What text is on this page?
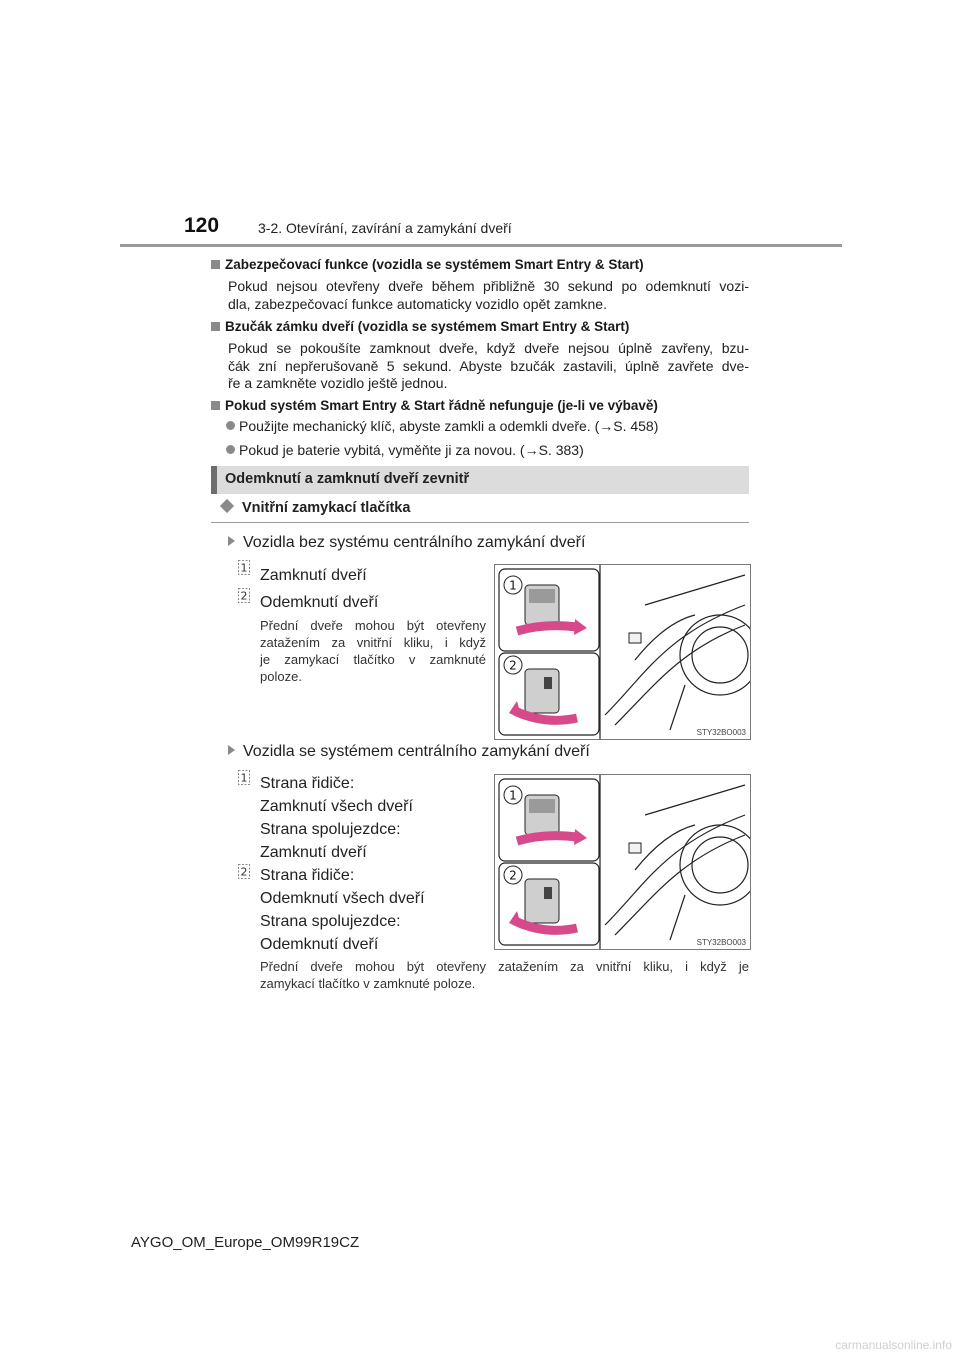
120	3-2. Otevírání, zavírání a zamykání dveří
Zabezpečovací funkce (vozidla se systémem Smart Entry & Start)
Pokud nejsou otevřeny dveře během přibližně 30 sekund po odemknutí vozi-
dla, zabezpečovací funkce automaticky vozidlo opět zamkne.
Bzučák zámku dveří (vozidla se systémem Smart Entry & Start)
Pokud se pokoušíte zamknout dveře, když dveře nejsou úplně zavřeny, bzu-
čák zní nepřerušovaně 5 sekund. Abyste bzučák zastavili, úplně zavřete dve-
ře a zamkněte vozidlo ještě jednou.
Pokud systém Smart Entry & Start řádně nefunguje (je-li ve výbavě)
Použijte mechanický klíč, abyste zamkli a odemkli dveře. (→S. 458)
Pokud je baterie vybitá, vyměňte ji za novou. (→S. 383)
Odemknutí a zamknutí dveří zevnitř
Vnitřní zamykací tlačítka
Vozidla bez systému centrálního zamykání dveří
1 Zamknutí dveří
2 Odemknutí dveří
Přední dveře mohou být otevřeny
zatažením za vnitřní kliku, i když
je zamykací tlačítko v zamknuté
poloze.
1
2
STY32BO003
Vozidla se systémem centrálního zamykání dveří
1 Strana řidiče:
Zamknutí všech dveří
Strana spolujezdce:
Zamknutí dveří
2 Strana řidiče:
Odemknutí všech dveří
Strana spolujezdce:
Odemknutí dveří
1
2
STY32BO003
Přední dveře mohou být otevřeny zatažením za vnitřní kliku, i když je
zamykací tlačítko v zamknuté poloze.
AYGO_OM_Europe_OM99R19CZ
carmanualsonline.info
